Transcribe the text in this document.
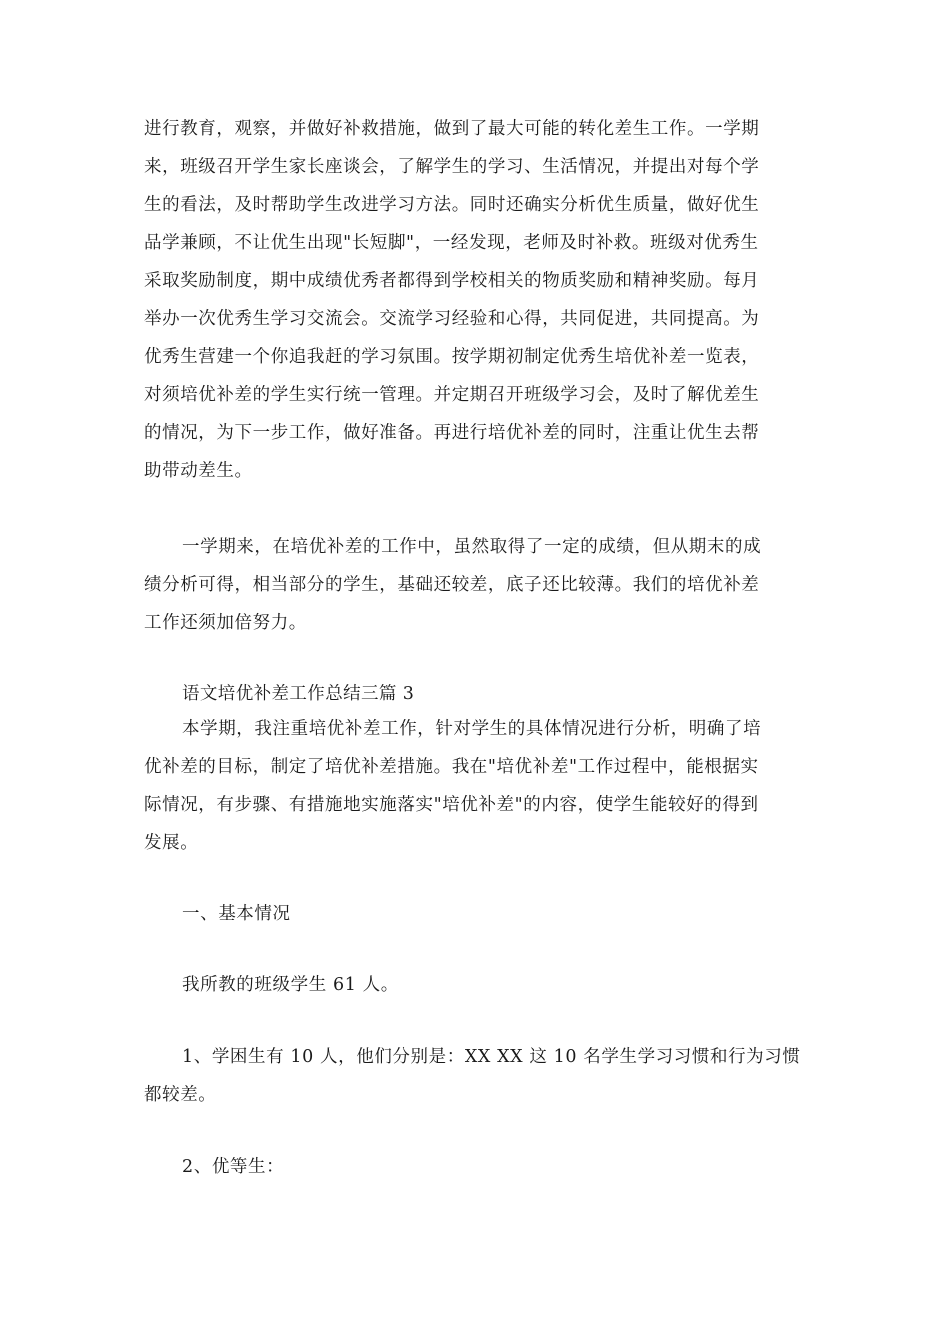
进行教育，观察，并做好补救措施，做到了最大可能的转化差生工作。一学期
来，班级召开学生家长座谈会，了解学生的学习、生活情况，并提出对每个学
生的看法，及时帮助学生改进学习方法。同时还确实分析优生质量，做好优生
品学兼顾，不让优生出现"长短脚"，一经发现，老师及时补救。班级对优秀生
采取奖励制度，期中成绩优秀者都得到学校相关的物质奖励和精神奖励。每月
举办一次优秀生学习交流会。交流学习经验和心得，共同促进，共同提高。为
优秀生营建一个你追我赶的学习氛围。按学期初制定优秀生培优补差一览表，
对须培优补差的学生实行统一管理。并定期召开班级学习会，及时了解优差生
的情况，为下一步工作，做好准备。再进行培优补差的同时，注重让优生去帮
助带动差生。
一学期来，在培优补差的工作中，虽然取得了一定的成绩，但从期末的成
绩分析可得，相当部分的学生，基础还较差，底子还比较薄。我们的培优补差
工作还须加倍努力。
语文培优补差工作总结三篇 3
本学期，我注重培优补差工作，针对学生的具体情况进行分析，明确了培
优补差的目标，制定了培优补差措施。我在"培优补差"工作过程中，能根据实
际情况，有步骤、有措施地实施落实"培优补差"的内容，使学生能较好的得到
发展。
一、基本情况
我所教的班级学生 61 人。
1、学困生有 10 人，他们分别是：XX XX 这 10 名学生学习习惯和行为习惯
都较差。
2、优等生：
